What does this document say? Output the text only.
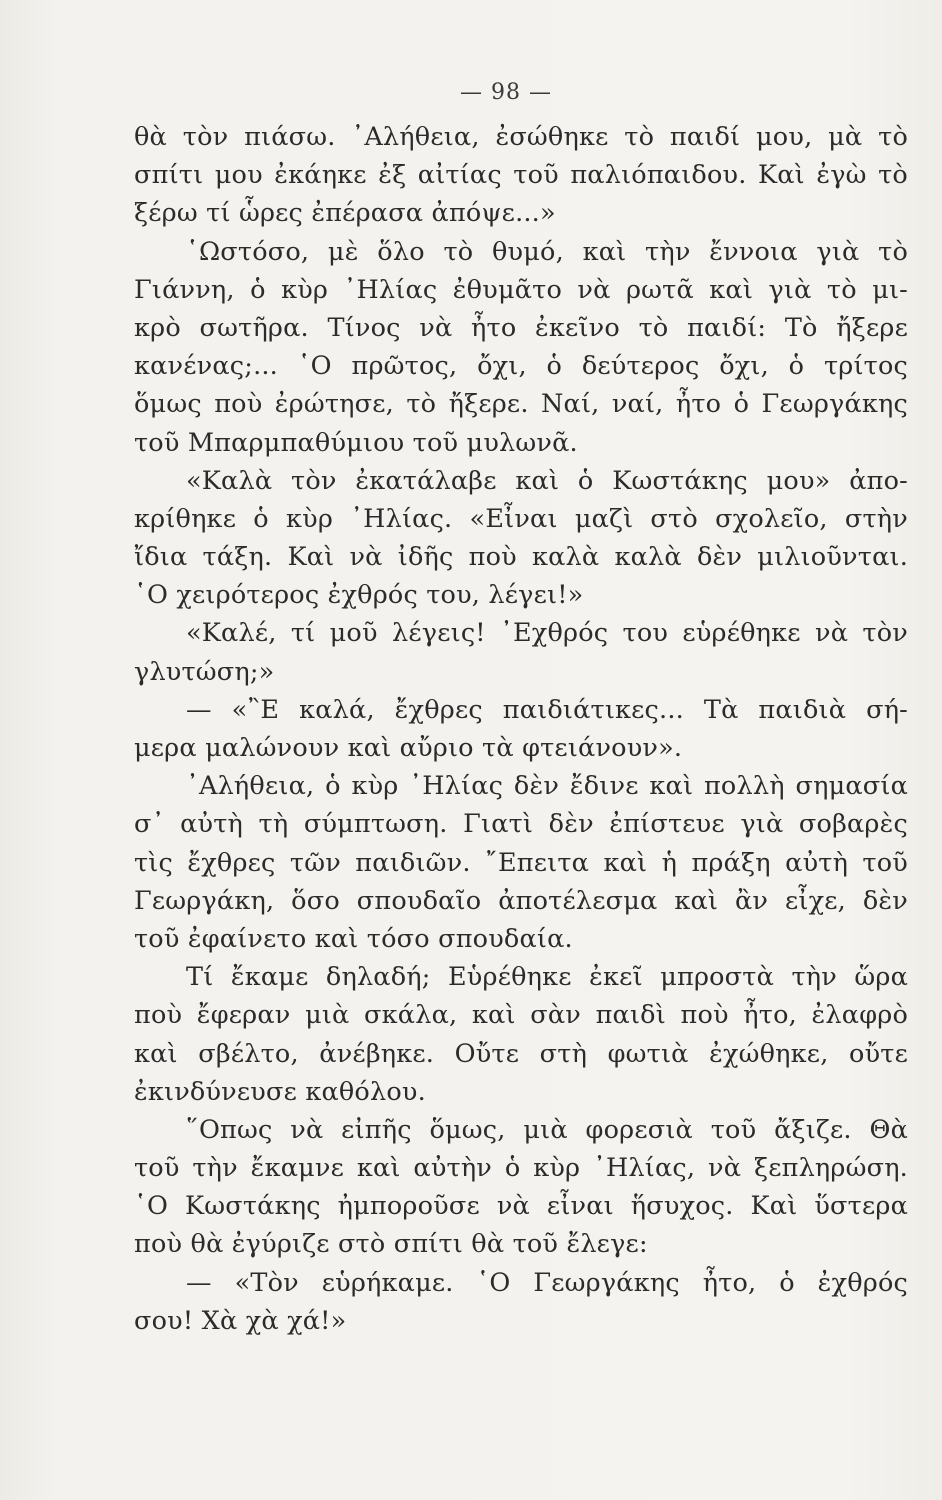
— 98 —
θὰ τὸν πιάσω. ᾿Αλήθεια, ἐσώθηκε τὸ παιδί μου, μὰ τὸ
σπίτι μου ἐκάηκε ἐξ αἰτίας τοῦ παλιόπαιδου. Καὶ ἐγὼ τὸ
ξέρω τί ὧρες ἐπέρασα ἀπόψε...»
῾Ωστόσο, μὲ ὅλο τὸ θυμό, καὶ τὴν ἔννοια γιὰ τὸ
Γιάννη, ὁ κὺρ ᾿Ηλίας ἐθυμᾶτο νὰ ρωτᾶ καὶ γιὰ τὸ μι-
κρὸ σωτῆρα. Τίνος νὰ ἦτο ἐκεῖνο τὸ παιδί: Τὸ ἤξερε
κανένας;... ῾Ο πρῶτος, ὄχι, ὁ δεύτερος ὄχι, ὁ τρίτος
ὅμως ποὺ ἐρώτησε, τὸ ἤξερε. Ναί, ναί, ἦτο ὁ Γεωργάκης
τοῦ Μπαρμπαθύμιου τοῦ μυλωνᾶ.
«Καλὰ τὸν ἐκατάλαβε καὶ ὁ Κωστάκης μου» ἀπο-
κρίθηκε ὁ κὺρ ᾿Ηλίας. «Εἶναι μαζὶ στὸ σχολεῖο, στὴν
ἴδια τάξη. Καὶ νὰ ἰδῆς ποὺ καλὰ καλὰ δὲν μιλιοῦνται.
῾Ο χειρότερος ἐχθρός του, λέγει!»
«Καλέ, τί μοῦ λέγεις! ᾿Εχθρός του εὑρέθηκε νὰ τὸν
γλυτώση;»
— «῍Ε καλά, ἔχθρες παιδιάτικες... Τὰ παιδιὰ σή-
μερα μαλώνουν καὶ αὔριο τὰ φτειάνουν».
᾿Αλήθεια, ὁ κὺρ ᾿Ηλίας δὲν ἔδινε καὶ πολλὴ σημασία
σ᾿ αὐτὴ τὴ σύμπτωση. Γιατὶ δὲν ἐπίστευε γιὰ σοβαρὲς
τὶς ἔχθρες τῶν παιδιῶν. ῎Επειτα καὶ ἡ πράξη αὐτὴ τοῦ
Γεωργάκη, ὅσο σπουδαῖο ἀποτέλεσμα καὶ ἂν εἶχε, δὲν
τοῦ ἐφαίνετο καὶ τόσο σπουδαία.
Τί ἔκαμε δηλαδή; Εὑρέθηκε ἐκεῖ μπροστὰ τὴν ὥρα
ποὺ ἔφεραν μιὰ σκάλα, καὶ σὰν παιδὶ ποὺ ἦτο, ἐλαφρὸ
καὶ σβέλτο, ἀνέβηκε. Οὔτε στὴ φωτιὰ ἐχώθηκε, οὔτε
ἐκινδύνευσε καθόλου.
῞Οπως νὰ εἰπῆς ὅμως, μιὰ φορεσιὰ τοῦ ἄξιζε. Θὰ
τοῦ τὴν ἔκαμνε καὶ αὐτὴν ὁ κὺρ ᾿Ηλίας, νὰ ξεπληρώση.
῾Ο Κωστάκης ἠμποροῦσε νὰ εἶναι ἥσυχος. Καὶ ὕστερα
ποὺ θὰ ἐγύριζε στὸ σπίτι θὰ τοῦ ἔλεγε:
— «Τὸν εὑρήκαμε. ῾Ο Γεωργάκης ἦτο, ὁ ἐχθρός
σου! Χὰ χὰ χά!»
